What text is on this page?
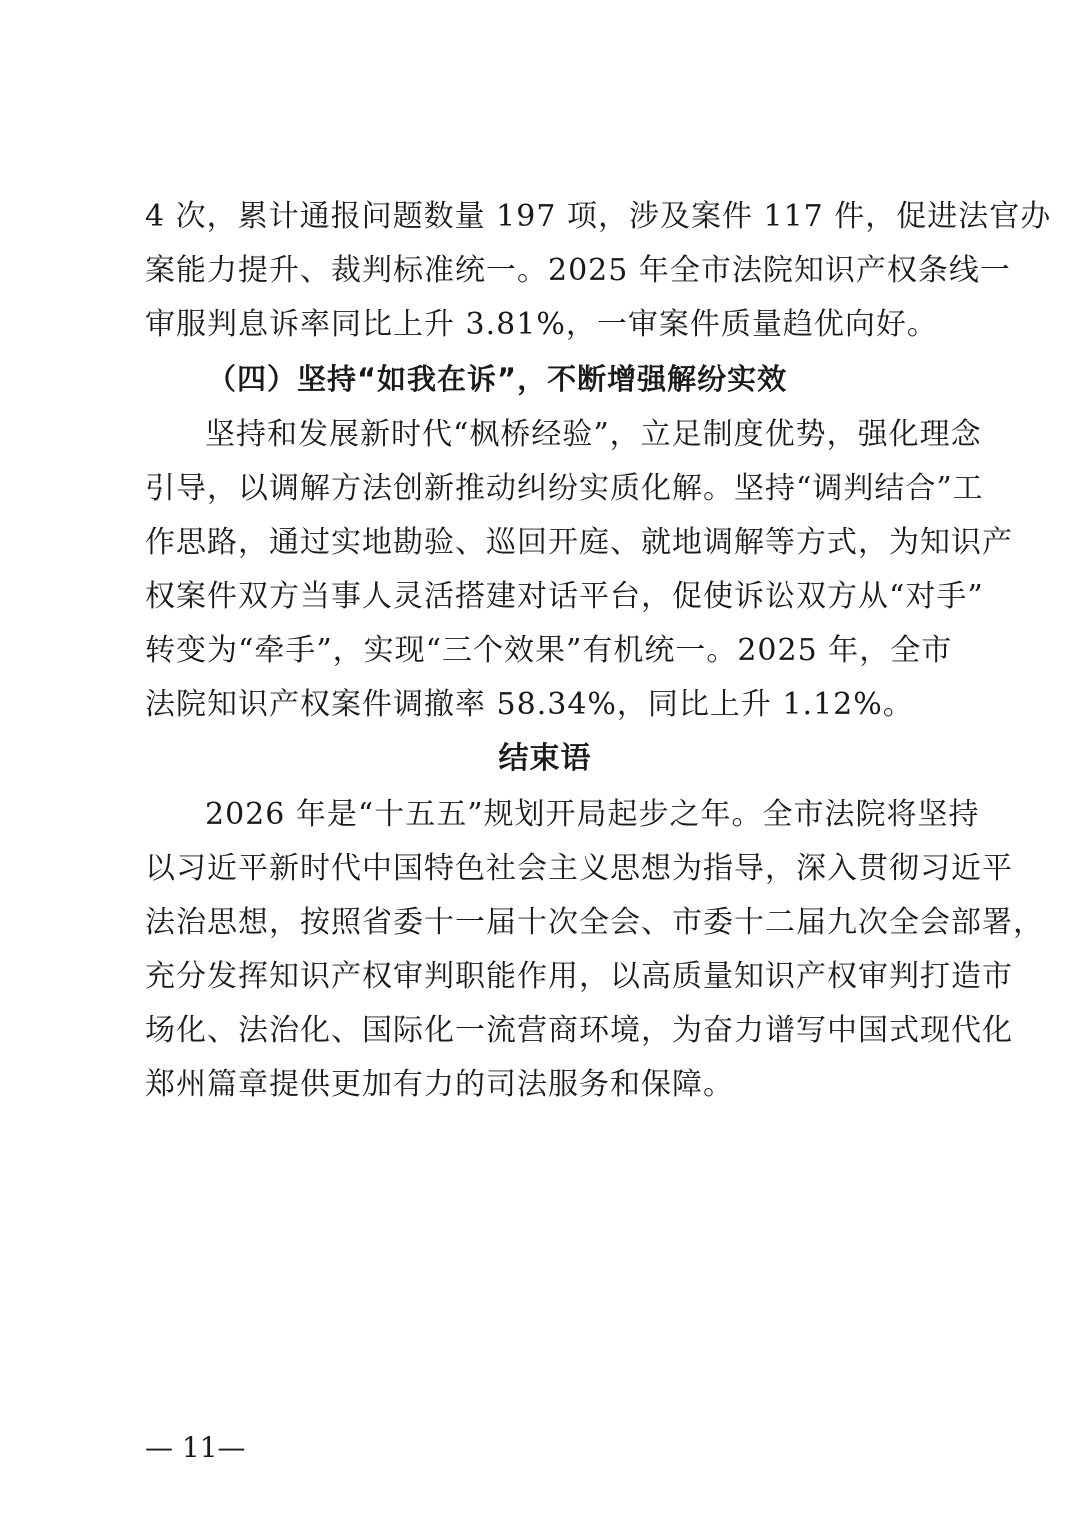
4 次，累计通报问题数量 197 项，涉及案件 117 件，促进法官办
案能力提升、裁判标准统一。2025 年全市法院知识产权条线一
审服判息诉率同比上升 3.81%，一审案件质量趋优向好。
（四）坚持“如我在诉”，不断增强解纷实效
坚持和发展新时代“枫桥经验”，立足制度优势，强化理念
引导，以调解方法创新推动纠纷实质化解。坚持“调判结合”工
作思路，通过实地勘验、巡回开庭、就地调解等方式，为知识产
权案件双方当事人灵活搭建对话平台，促使诉讼双方从“对手”
转变为“牵手”，实现“三个效果”有机统一。2025 年，全市
法院知识产权案件调撤率 58.34%，同比上升 1.12%。
结束语
2026 年是“十五五”规划开局起步之年。全市法院将坚持
以习近平新时代中国特色社会主义思想为指导，深入贯彻习近平
法治思想，按照省委十一届十次全会、市委十二届九次全会部署，
充分发挥知识产权审判职能作用，以高质量知识产权审判打造市
场化、法治化、国际化一流营商环境，为奋力谱写中国式现代化
郑州篇章提供更加有力的司法服务和保障。
— 11—
